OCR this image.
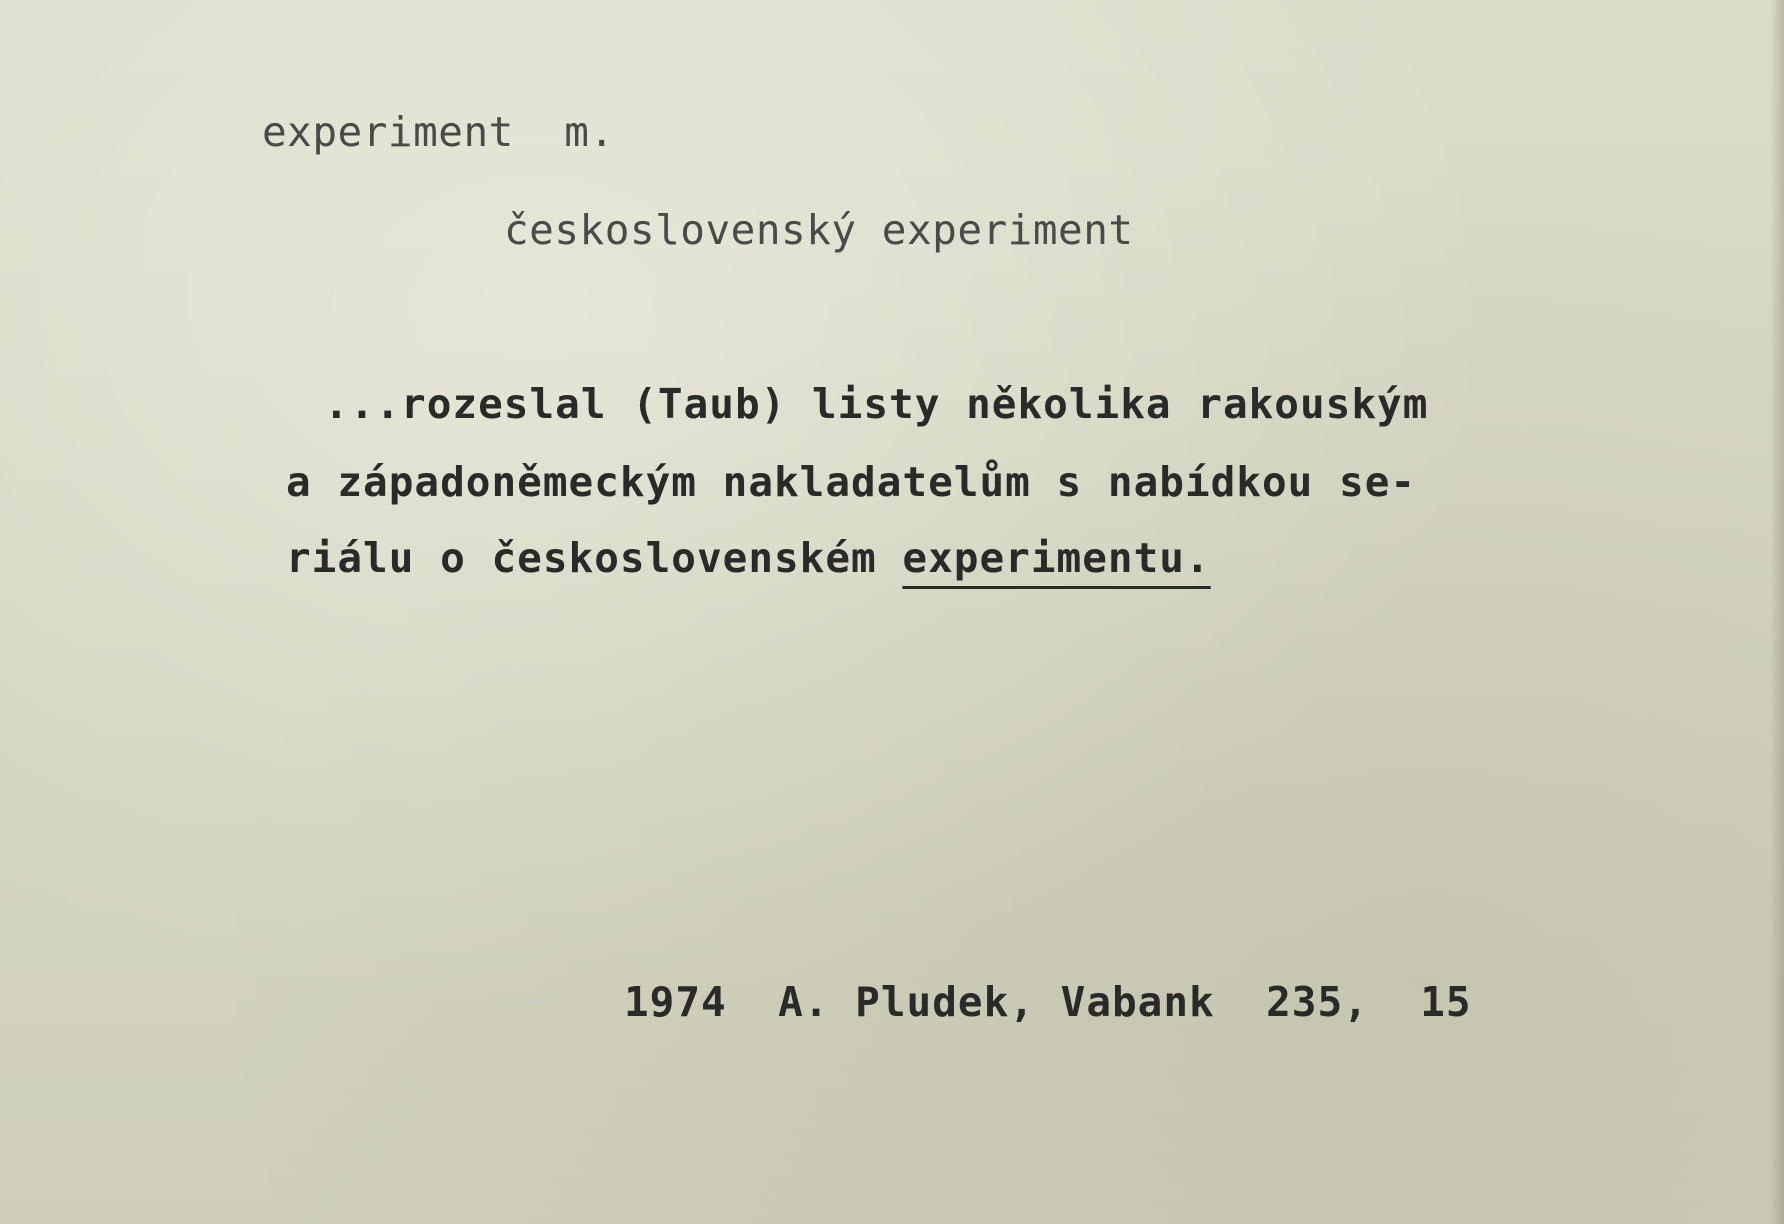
experiment  m.
československý experiment
...rozeslal (Taub) listy několika rakouským
a západoněmeckým nakladatelům s nabídkou se-
riálu o československém experimentu.
1974  A. Pludek, Vabank  235,  15
